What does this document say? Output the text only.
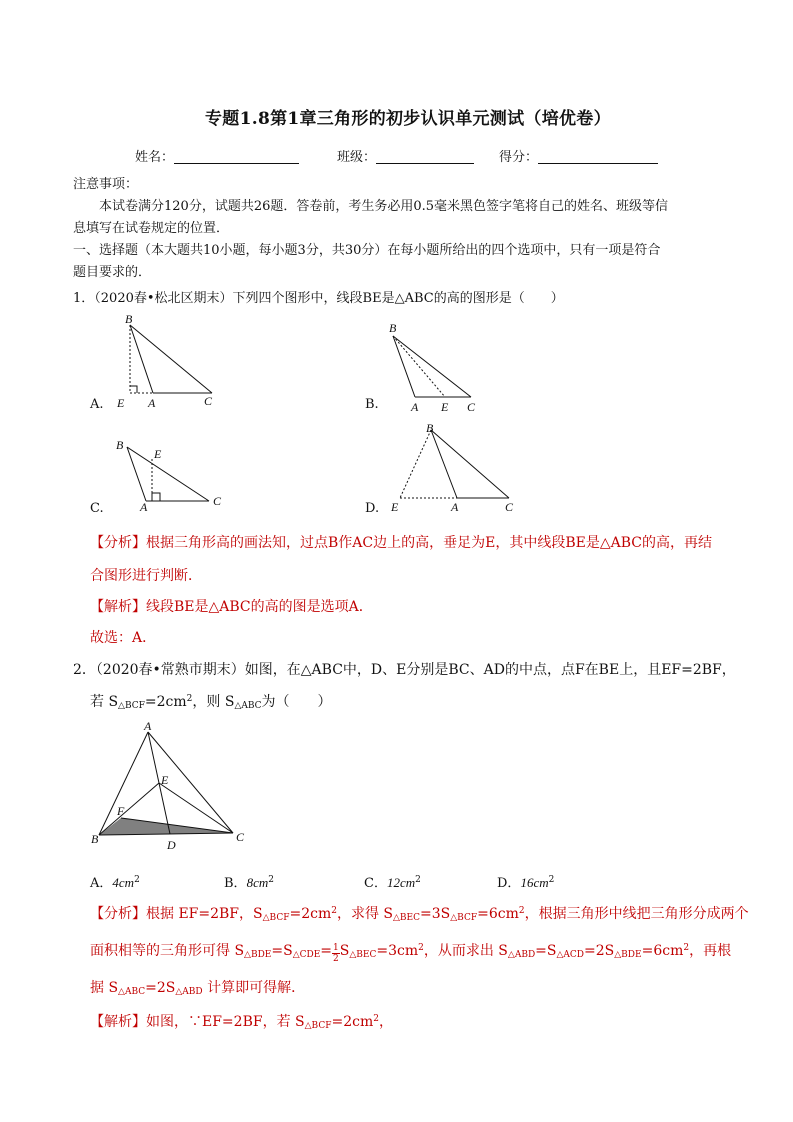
专题1.8第1章三角形的初步认识单元测试（培优卷）
姓名：	班级：	得分：
注意事项：
本试卷满分120分，试题共26题．答卷前，考生务必用0.5毫米黑色签字笔将自己的姓名、班级等信
息填写在试卷规定的位置．
一、选择题（本大题共10小题，每小题3分，共30分）在每小题所给出的四个选项中，只有一项是符合
题目要求的．
1．（2020春•松北区期末）下列四个图形中，线段BE是△ABC的高的图形是（　　）
B
E A	C
A.
B
A E C
B.
B
E
A	C
C.
B
E	A	C
D.
【分析】根据三角形高的画法知，过点B作AC边上的高，垂足为E，其中线段BE是△ABC的高，再结
合图形进行判断．
【解析】线段BE是△ABC的高的图是选项A．
故选：A．
2．（2020春•常熟市期末）如图，在△ABC中，D、E分别是BC、AD的中点，点F在BE上，且EF=2BF，
若 $S_{\triangle BCF}=2cm^2$，则 $S_{\triangle ABC}$为（　　）
A
E
F
B	D
C
A．$4cm^2$	B．$8cm^2$	C．$12cm^2$	D．$16cm^2$
【分析】根据 EF=2BF，$S_{\triangle BCF}=2cm^2$，求得 $S_{\triangle BEC}=3S_{\triangle BCF}=6cm^2$，根据三角形中线把三角形分成两个
面积相等的三角形可得 $S_{\triangle BDE}=S_{\triangle CDE}= \frac{1}{2} S_{\triangle BEC}=3cm^2$，从而求出 $S_{\triangle ABD}=S_{\triangle ACD}=2S_{\triangle BDE}=6cm^2$，再根
据 $S_{\triangle ABC}=2S_{\triangle ABD}$ 计算即可得解．
【解析】如图，∵EF=2BF，若 $S_{\triangle BCF}=2cm^2$，
